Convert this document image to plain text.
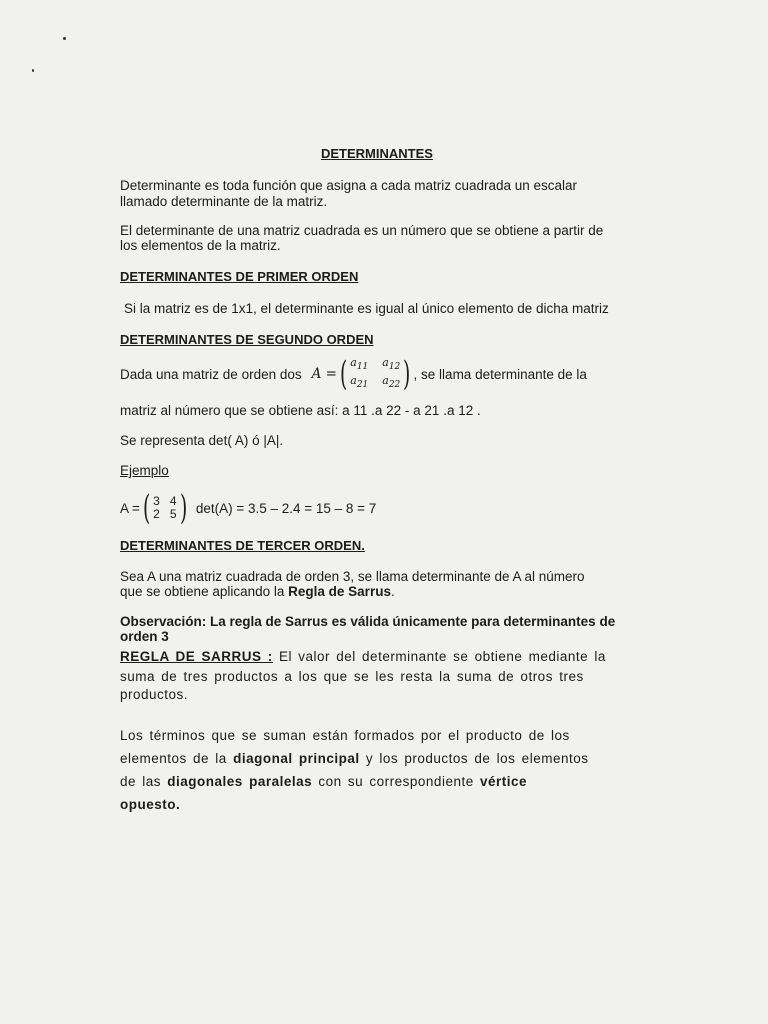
DETERMINANTES
Determinante es toda función que asigna a cada matriz cuadrada un escalar
llamado determinante de la matriz.
El determinante de una matriz cuadrada es un número que se obtiene a partir de
los elementos de la matriz.
DETERMINANTES DE PRIMER ORDEN
Si la matriz es de 1x1, el determinante es igual al único elemento de dicha matriz
DETERMINANTES DE SEGUNDO ORDEN
Dada una matriz de orden dos A = ( $a_{11}$ $a_{12}$
$a_{21}$ $a_{22}$ ) , se llama determinante de la
matriz al número que se obtiene así: a 11 .a 22 - a 21 .a 12 .
Se representa det( A) ó |A|.
Ejemplo
A = ( 3 4
2 5 ) det(A) = 3.5 – 2.4 = 15 – 8 = 7
DETERMINANTES DE TERCER ORDEN.
Sea A una matriz cuadrada de orden 3, se llama determinante de A al número
que se obtiene aplicando la Regla de Sarrus.
Observación: La regla de Sarrus es válida únicamente para determinantes de
orden 3
REGLA DE SARRUS : El valor del determinante se obtiene mediante la
suma de tres productos a los que se les resta la suma de otros tres
productos.
Los términos que se suman están formados por el producto de los
elementos de la diagonal principal y los productos de los elementos
de las diagonales paralelas con su correspondiente vértice
opuesto.
